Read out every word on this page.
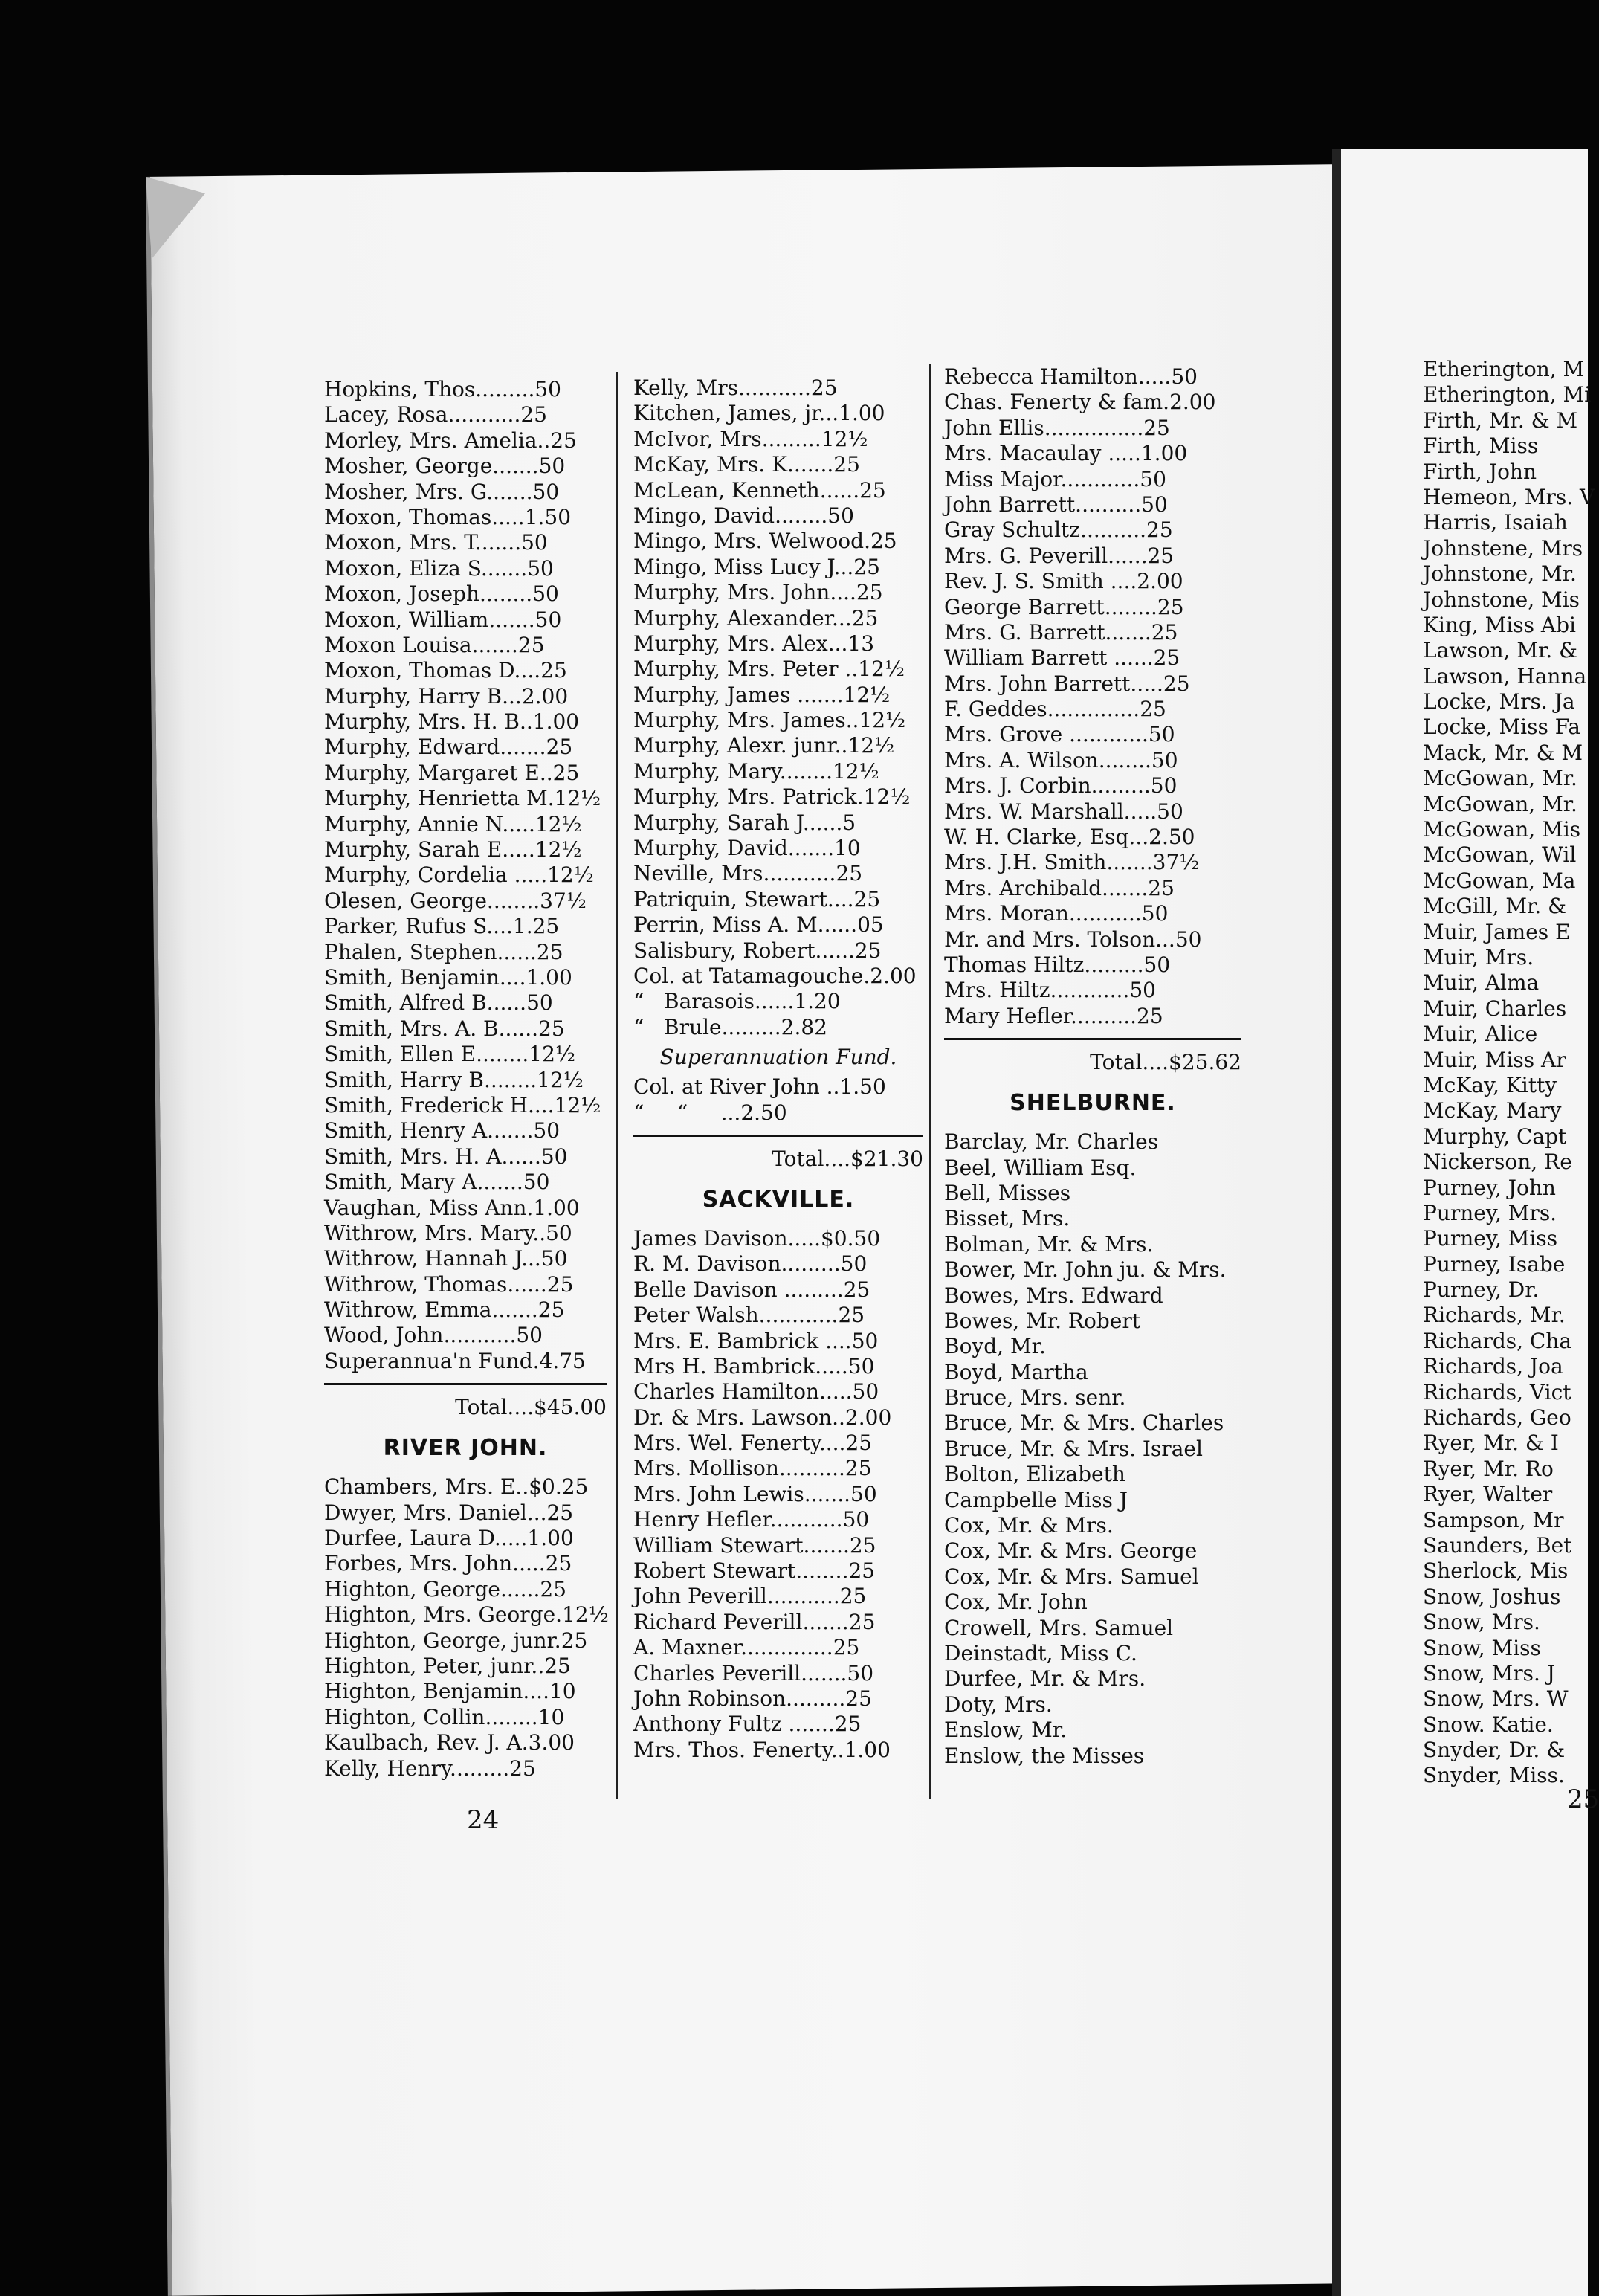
Hopkins, Thos.........50
Lacey, Rosa...........25
Morley, Mrs. Amelia..25
Mosher, George.......50
Mosher, Mrs. G.......50
Moxon, Thomas.....1.50
Moxon, Mrs. T.......50
Moxon, Eliza S.......50
Moxon, Joseph........50
Moxon, William.......50
Moxon Louisa.......25
Moxon, Thomas D....25
Murphy, Harry B...2.00
Murphy, Mrs. H. B..1.00
Murphy, Edward.......25
Murphy, Margaret E..25
Murphy, Henrietta M.12½
Murphy, Annie N.....12½
Murphy, Sarah E.....12½
Murphy, Cordelia .....12½
Olesen, George........37½
Parker, Rufus S....1.25
Phalen, Stephen......25
Smith, Benjamin....1.00
Smith, Alfred B......50
Smith, Mrs. A. B......25
Smith, Ellen E........12½
Smith, Harry B........12½
Smith, Frederick H....12½
Smith, Henry A.......50
Smith, Mrs. H. A......50
Smith, Mary A.......50
Vaughan, Miss Ann.1.00
Withrow, Mrs. Mary..50
Withrow, Hannah J...50
Withrow, Thomas......25
Withrow, Emma.......25
Wood, John...........50
Superannua'n Fund.4.75
Total....$45.00
RIVER JOHN.
Chambers, Mrs. E..$0.25
Dwyer, Mrs. Daniel...25
Durfee, Laura D.....1.00
Forbes, Mrs. John.....25
Highton, George......25
Highton, Mrs. George.12½
Highton, George, junr.25
Highton, Peter, junr..25
Highton, Benjamin....10
Highton, Collin........10
Kaulbach, Rev. J. A.3.00
Kelly, Henry.........25
Kelly, Mrs...........25
Kitchen, James, jr...1.00
McIvor, Mrs.........12½
McKay, Mrs. K.......25
McLean, Kenneth......25
Mingo, David........50
Mingo, Mrs. Welwood.25
Mingo, Miss Lucy J...25
Murphy, Mrs. John....25
Murphy, Alexander...25
Murphy, Mrs. Alex...13
Murphy, Mrs. Peter ..12½
Murphy, James .......12½
Murphy, Mrs. James..12½
Murphy, Alexr. junr..12½
Murphy, Mary........12½
Murphy, Mrs. Patrick.12½
Murphy, Sarah J......5
Murphy, David.......10
Neville, Mrs...........25
Patriquin, Stewart....25
Perrin, Miss A. M......05
Salisbury, Robert......25
Col. at Tatamagouche.2.00
“   Barasois......1.20
“   Brule.........2.82
Superannuation Fund.
Col. at River John ..1.50
“     “     ...2.50
Total....$21.30
SACKVILLE.
James Davison.....$0.50
R. M. Davison.........50
Belle Davison .........25
Peter Walsh............25
Mrs. E. Bambrick ....50
Mrs H. Bambrick.....50
Charles Hamilton.....50
Dr. & Mrs. Lawson..2.00
Mrs. Wel. Fenerty....25
Mrs. Mollison..........25
Mrs. John Lewis.......50
Henry Hefler...........50
William Stewart.......25
Robert Stewart........25
John Peverill...........25
Richard Peverill.......25
A. Maxner..............25
Charles Peverill.......50
John Robinson.........25
Anthony Fultz .......25
Mrs. Thos. Fenerty..1.00
Rebecca Hamilton.....50
Chas. Fenerty & fam.2.00
John Ellis...............25
Mrs. Macaulay .....1.00
Miss Major............50
John Barrett..........50
Gray Schultz..........25
Mrs. G. Peverill......25
Rev. J. S. Smith ....2.00
George Barrett........25
Mrs. G. Barrett.......25
William Barrett ......25
Mrs. John Barrett.....25
F. Geddes..............25
Mrs. Grove ............50
Mrs. A. Wilson........50
Mrs. J. Corbin.........50
Mrs. W. Marshall.....50
W. H. Clarke, Esq...2.50
Mrs. J.H. Smith.......37½
Mrs. Archibald.......25
Mrs. Moran...........50
Mr. and Mrs. Tolson...50
Thomas Hiltz.........50
Mrs. Hiltz............50
Mary Hefler..........25
Total....$25.62
SHELBURNE.
Barclay, Mr. Charles
Beel, William Esq.
Bell, Misses
Bisset, Mrs.
Bolman, Mr. & Mrs.
Bower, Mr. John ju. & Mrs.
Bowes, Mrs. Edward
Bowes, Mr. Robert
Boyd, Mr.
Boyd, Martha
Bruce, Mrs. senr.
Bruce, Mr. & Mrs. Charles
Bruce, Mr. & Mrs. Israel
Bolton, Elizabeth
Campbelle Miss J
Cox, Mr. & Mrs.
Cox, Mr. & Mrs. George
Cox, Mr. & Mrs. Samuel
Cox, Mr. John
Crowell, Mrs. Samuel
Deinstadt, Miss C.
Durfee, Mr. & Mrs.
Doty, Mrs.
Enslow, Mr.
Enslow, the Misses
Etherington, M
Etherington, Mi
Firth, Mr. & M
Firth, Miss
Firth, John
Hemeon, Mrs. V
Harris, Isaiah
Johnstene, Mrs
Johnstone, Mr.
Johnstone, Mis
King, Miss Abi
Lawson, Mr. &
Lawson, Hanna
Locke, Mrs. Ja
Locke, Miss Fa
Mack, Mr. & M
McGowan, Mr.
McGowan, Mr.
McGowan, Mis
McGowan, Wil
McGowan, Ma
McGill, Mr. &
Muir, James E
Muir, Mrs.
Muir, Alma
Muir, Charles
Muir, Alice
Muir, Miss Ar
McKay, Kitty
McKay, Mary
Murphy, Capt
Nickerson, Re
Purney, John
Purney, Mrs.
Purney, Miss
Purney, Isabe
Purney, Dr.
Richards, Mr.
Richards, Cha
Richards, Joa
Richards, Vict
Richards, Geo
Ryer, Mr. & I
Ryer, Mr. Ro
Ryer, Walter
Sampson, Mr
Saunders, Bet
Sherlock, Mis
Snow, Joshus
Snow, Mrs.
Snow, Miss
Snow, Mrs. J
Snow, Mrs. W
Snow. Katie.
Snyder, Dr. &
Snyder, Miss.
24
25
